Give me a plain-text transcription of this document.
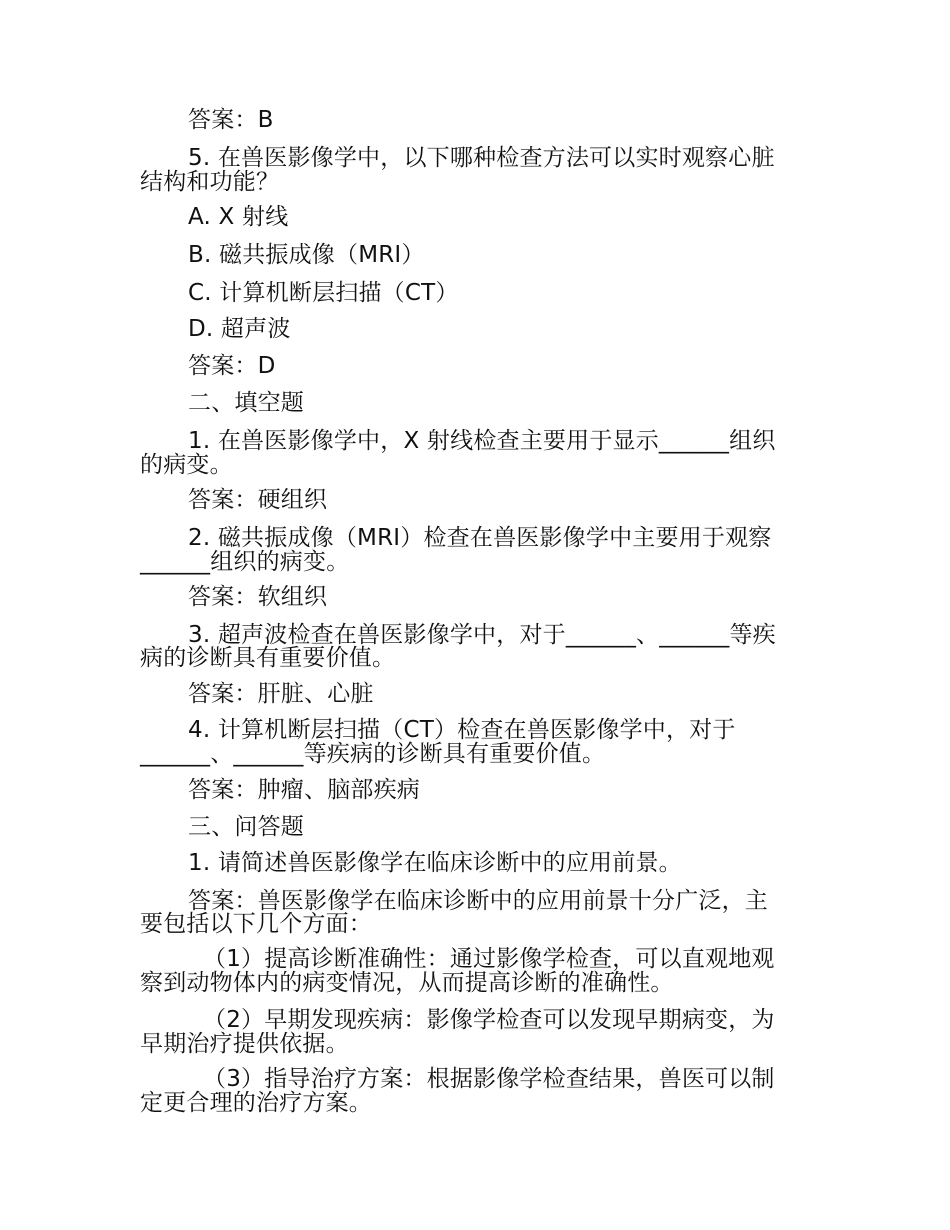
答案：B

5. 在兽医影像学中，以下哪种检查方法可以实时观察心脏

结构和功能？

A. X 射线

B. 磁共振成像（MRI）

C. 计算机断层扫描（CT）

D. 超声波

答案：D

二、填空题

1. 在兽医影像学中，X 射线检查主要用于显示______组织

的病变。

答案：硬组织

2. 磁共振成像（MRI）检查在兽医影像学中主要用于观察

______组织的病变。

答案：软组织

3. 超声波检查在兽医影像学中，对于______、______等疾

病的诊断具有重要价值。

答案：肝脏、心脏

4. 计算机断层扫描（CT）检查在兽医影像学中，对于

______、______等疾病的诊断具有重要价值。

答案：肿瘤、脑部疾病

三、问答题

1. 请简述兽医影像学在临床诊断中的应用前景。

答案：兽医影像学在临床诊断中的应用前景十分广泛，主

要包括以下几个方面：

（1）提高诊断准确性：通过影像学检查，可以直观地观

察到动物体内的病变情况，从而提高诊断的准确性。

（2）早期发现疾病：影像学检查可以发现早期病变，为

早期治疗提供依据。

（3）指导治疗方案：根据影像学检查结果，兽医可以制

定更合理的治疗方案。
